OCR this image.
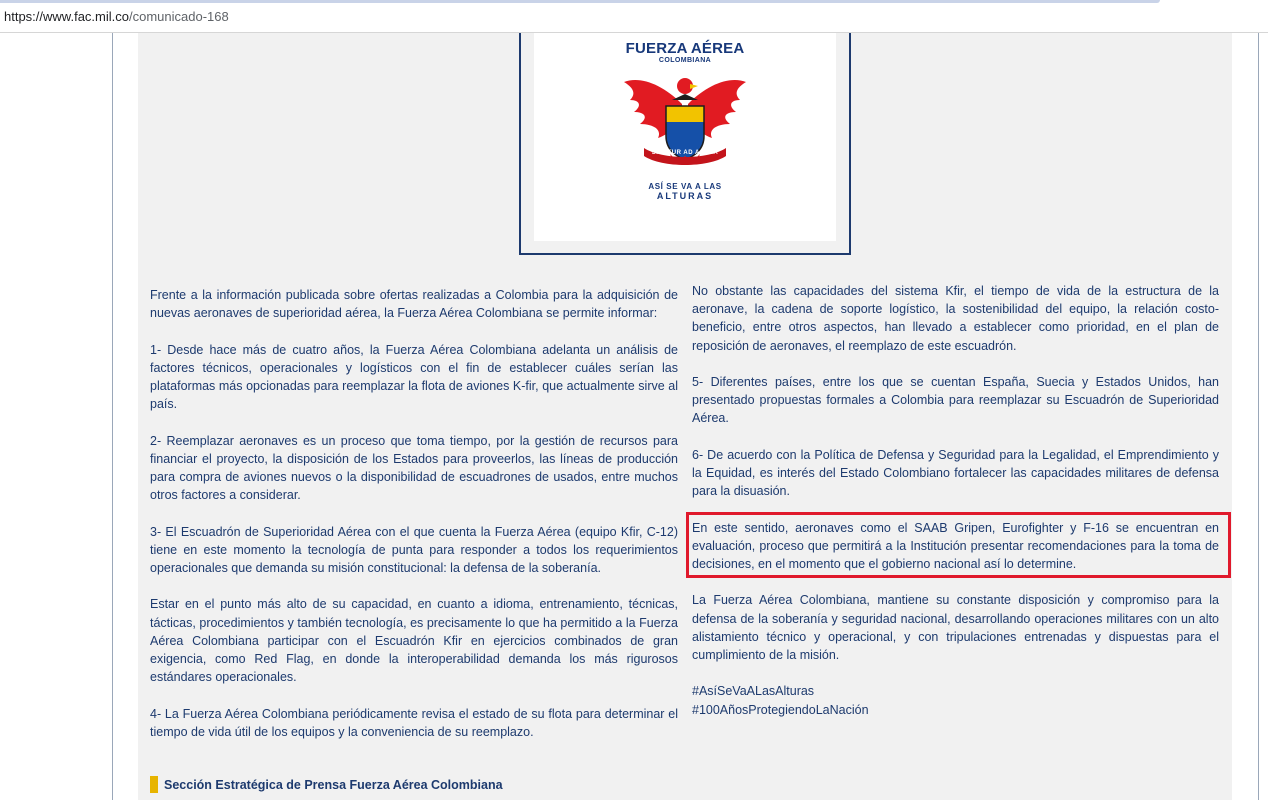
https://www.fac.mil.co/comunicado-168
FUERZA AÉREA
COLOMBIANA
SIC ITUR AD ASTRA
ASÍ SE VA A LAS
ALTURAS

Frente a la información publicada sobre ofertas realizadas a Colombia para la adquisición de nuevas aeronaves de superioridad aérea, la Fuerza Aérea Colombiana se permite informar:

1- Desde hace más de cuatro años, la Fuerza Aérea Colombiana adelanta un análisis de factores técnicos, operacionales y logísticos con el fin de establecer cuáles serían las plataformas más opcionadas para reemplazar la flota de aviones K-fir, que actualmente sirve al país.

2- Reemplazar aeronaves es un proceso que toma tiempo, por la gestión de recursos para financiar el proyecto, la disposición de los Estados para proveerlos, las líneas de producción para compra de aviones nuevos o la disponibilidad de escuadrones de usados, entre muchos otros factores a considerar.

3- El Escuadrón de Superioridad Aérea con el que cuenta la Fuerza Aérea (equipo Kfir, C-12) tiene en este momento la tecnología de punta para responder a todos los requerimientos operacionales que demanda su misión constitucional: la defensa de la soberanía.

Estar en el punto más alto de su capacidad, en cuanto a idioma, entrenamiento, técnicas, tácticas, procedimientos y también tecnología, es precisamente lo que ha permitido a la Fuerza Aérea Colombiana participar con el Escuadrón Kfir en ejercicios combinados de gran exigencia, como Red Flag, en donde la interoperabilidad demanda los más rigurosos estándares operacionales.

4- La Fuerza Aérea Colombiana periódicamente revisa el estado de su flota para determinar el tiempo de vida útil de los equipos y la conveniencia de su reemplazo.

No obstante las capacidades del sistema Kfir, el tiempo de vida de la estructura de la aeronave, la cadena de soporte logístico, la sostenibilidad del equipo, la relación costo-beneficio, entre otros aspectos, han llevado a establecer como prioridad, en el plan de reposición de aeronaves, el reemplazo de este escuadrón.

5- Diferentes países, entre los que se cuentan España, Suecia y Estados Unidos, han presentado propuestas formales a Colombia para reemplazar su Escuadrón de Superioridad Aérea.

6- De acuerdo con la Política de Defensa y Seguridad para la Legalidad, el Emprendimiento y la Equidad, es interés del Estado Colombiano fortalecer las capacidades militares de defensa para la disuasión.

En este sentido, aeronaves como el SAAB Gripen, Eurofighter y F-16 se encuentran en evaluación, proceso que permitirá a la Institución presentar recomendaciones para la toma de decisiones, en el momento que el gobierno nacional así lo determine.

La Fuerza Aérea Colombiana, mantiene su constante disposición y compromiso para la defensa de la soberanía y seguridad nacional, desarrollando operaciones militares con un alto alistamiento técnico y operacional, y con tripulaciones entrenadas y dispuestas para el cumplimiento de la misión.

#AsíSeVaALasAlturas

#100AñosProtegiendoLaNación

Sección Estratégica de Prensa Fuerza Aérea Colombiana
